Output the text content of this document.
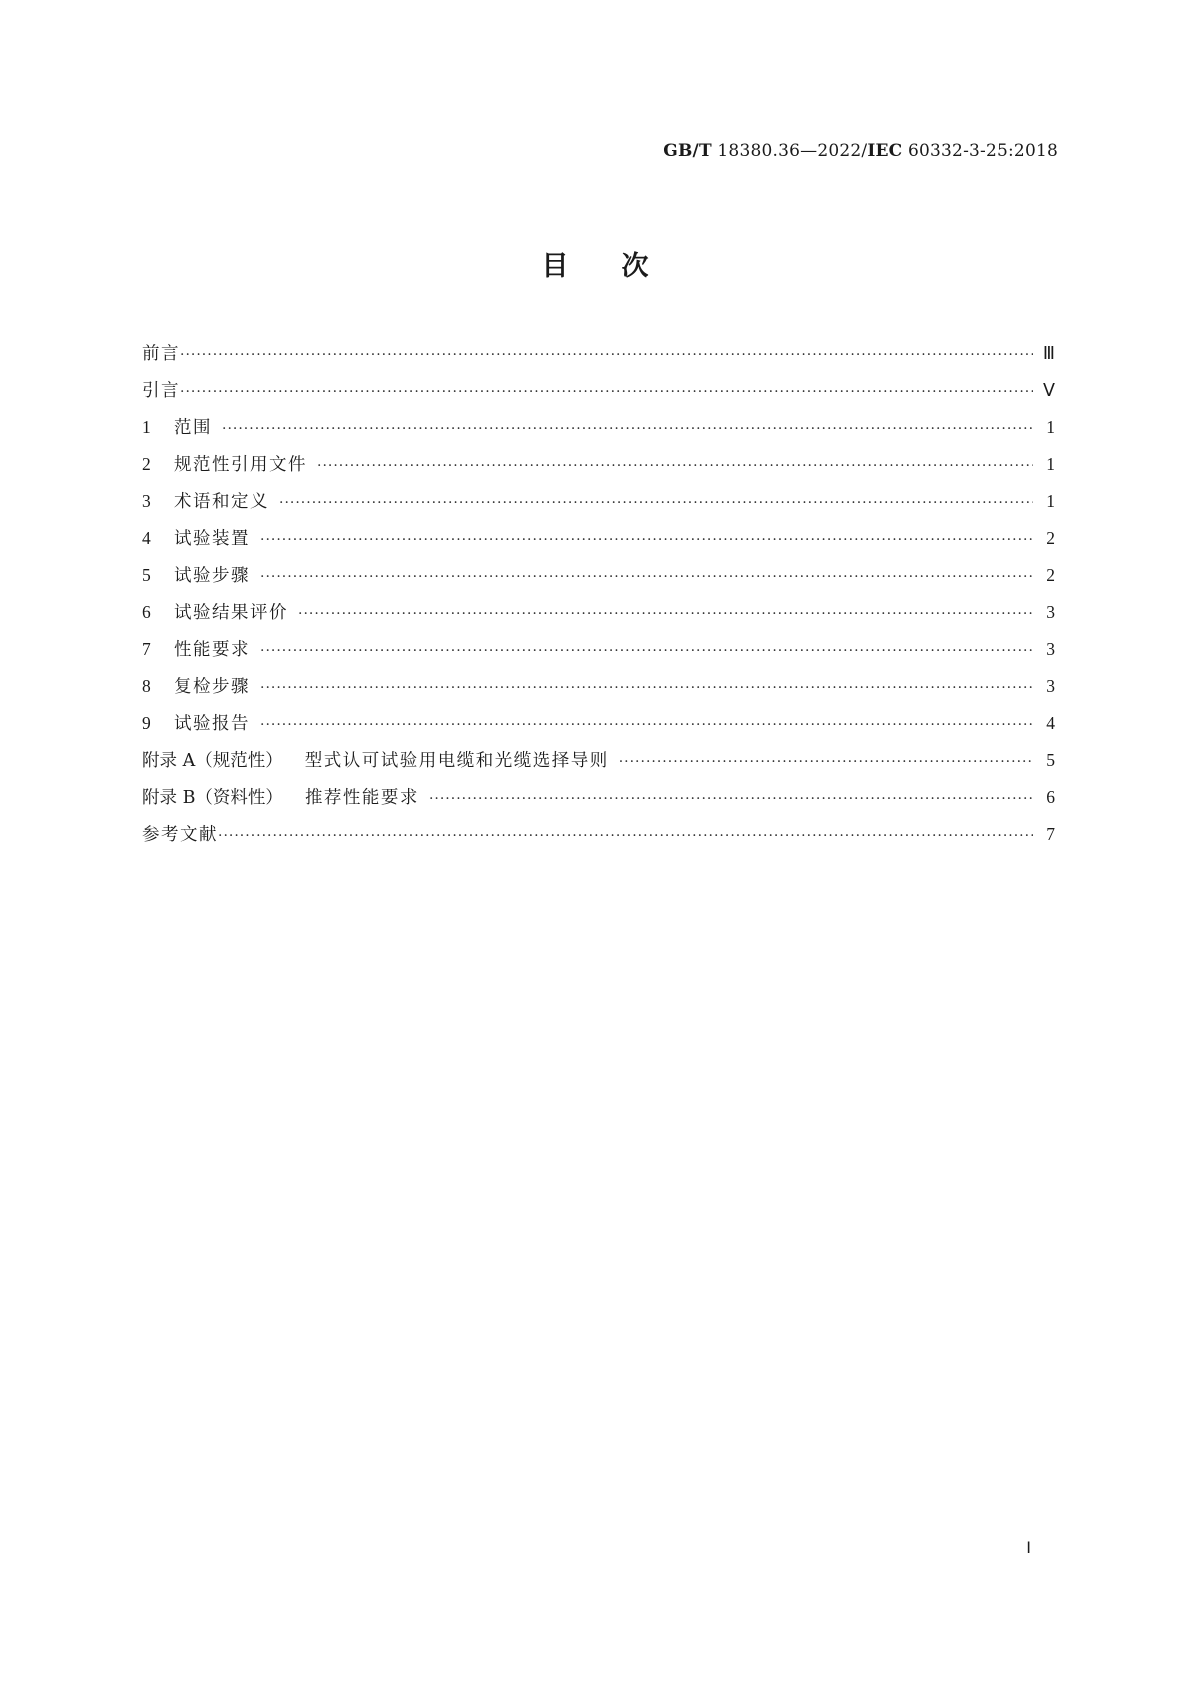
GB/T 18380.36—2022/IEC 60332-3-25:2018
目 次
前言 ·····	Ⅲ
引言 ·····	Ⅴ
1	范围 ·····	1
2	规范性引用文件 ·····	1
3	术语和定义 ·····	1
4	试验装置 ·····	2
5	试验步骤 ·····	2
6	试验结果评价 ·····	3
7	性能要求 ·····	3
8	复检步骤 ·····	3
9	试验报告 ·····	4
附录 A（规范性） 型式认可试验用电缆和光缆选择导则 ·····	5
附录 B（资料性） 推荐性能要求 ·····	6
参考文献 ·····	7
Ⅰ
